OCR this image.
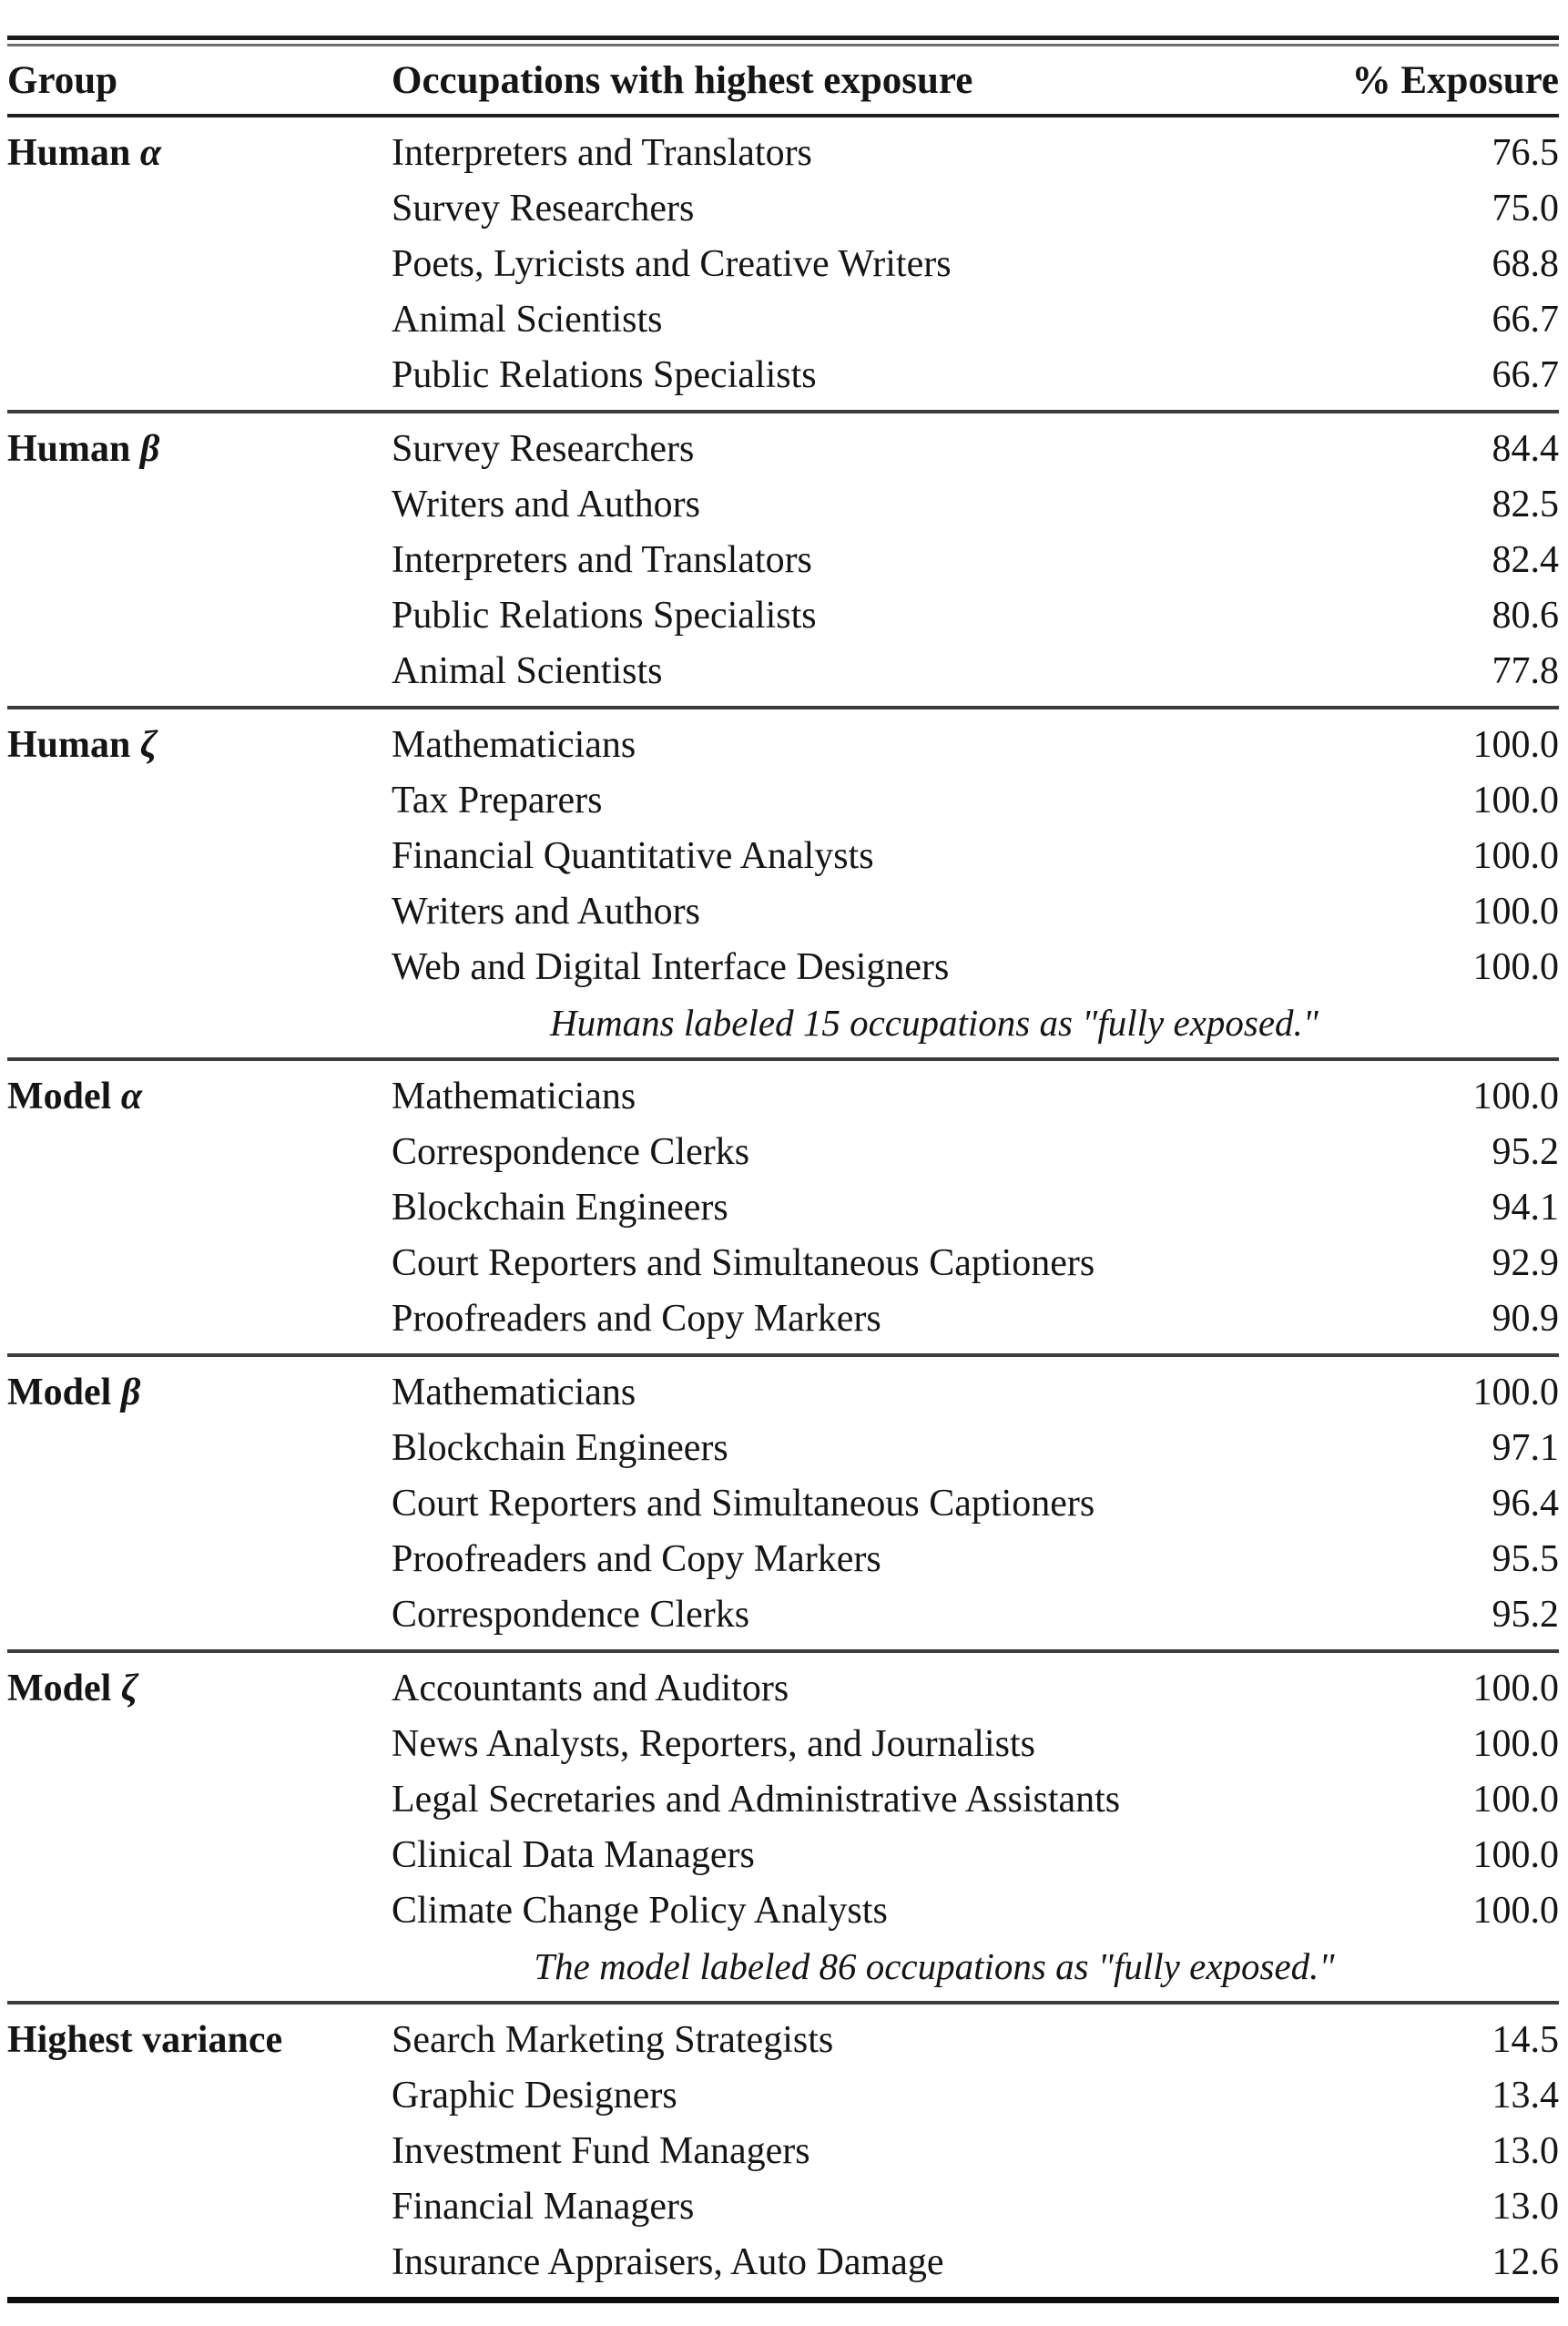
Group	Occupations with highest exposure	% Exposure
Human α	Interpreters and Translators	76.5
Survey Researchers	75.0
Poets, Lyricists and Creative Writers	68.8
Animal Scientists	66.7
Public Relations Specialists	66.7
Human β	Survey Researchers	84.4
Writers and Authors	82.5
Interpreters and Translators	82.4
Public Relations Specialists	80.6
Animal Scientists	77.8
Human ζ	Mathematicians	100.0
Tax Preparers	100.0
Financial Quantitative Analysts	100.0
Writers and Authors	100.0
Web and Digital Interface Designers	100.0
Humans labeled 15 occupations as "fully exposed."
Model α	Mathematicians	100.0
Correspondence Clerks	95.2
Blockchain Engineers	94.1
Court Reporters and Simultaneous Captioners	92.9
Proofreaders and Copy Markers	90.9
Model β	Mathematicians	100.0
Blockchain Engineers	97.1
Court Reporters and Simultaneous Captioners	96.4
Proofreaders and Copy Markers	95.5
Correspondence Clerks	95.2
Model ζ	Accountants and Auditors	100.0
News Analysts, Reporters, and Journalists	100.0
Legal Secretaries and Administrative Assistants	100.0
Clinical Data Managers	100.0
Climate Change Policy Analysts	100.0
The model labeled 86 occupations as "fully exposed."
Highest variance	Search Marketing Strategists	14.5
Graphic Designers	13.4
Investment Fund Managers	13.0
Financial Managers	13.0
Insurance Appraisers, Auto Damage	12.6
